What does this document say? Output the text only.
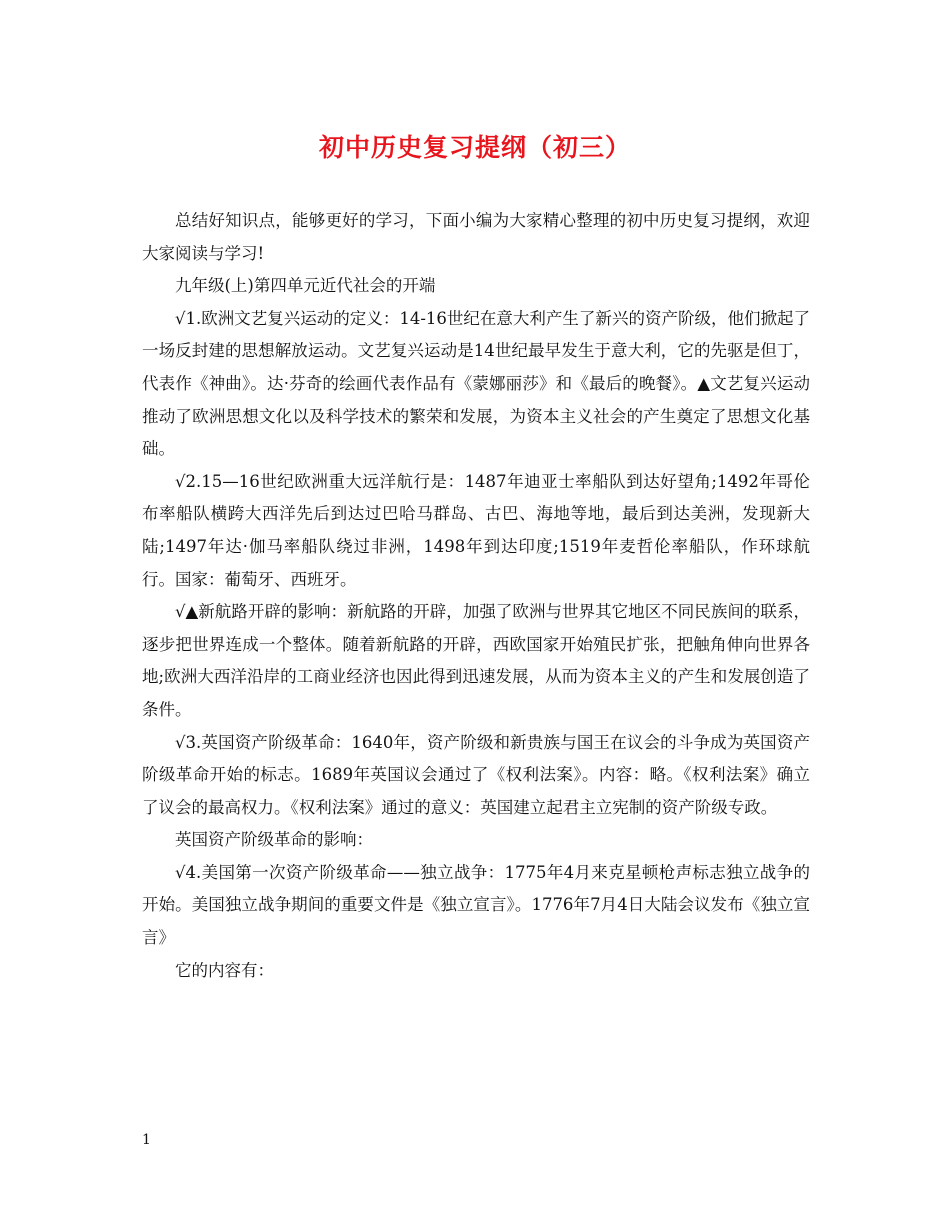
初中历史复习提纲（初三）

总结好知识点，能够更好的学习，下面小编为大家精心整理的初中历史复习提纲，欢迎大家阅读与学习!

九年级(上)第四单元近代社会的开端

√1.欧洲文艺复兴运动的定义：14-16世纪在意大利产生了新兴的资产阶级，他们掀起了一场反封建的思想解放运动。文艺复兴运动是14世纪最早发生于意大利，它的先驱是但丁，代表作《神曲》。达·芬奇的绘画代表作品有《蒙娜丽莎》和《最后的晚餐》。▲文艺复兴运动推动了欧洲思想文化以及科学技术的繁荣和发展，为资本主义社会的产生奠定了思想文化基础。

√2.15—16世纪欧洲重大远洋航行是：1487年迪亚士率船队到达好望角;1492年哥伦布率船队横跨大西洋先后到达过巴哈马群岛、古巴、海地等地，最后到达美洲，发现新大陆;1497年达·伽马率船队绕过非洲，1498年到达印度;1519年麦哲伦率船队，作环球航行。国家：葡萄牙、西班牙。

√▲新航路开辟的影响：新航路的开辟，加强了欧洲与世界其它地区不同民族间的联系，逐步把世界连成一个整体。随着新航路的开辟，西欧国家开始殖民扩张，把触角伸向世界各地;欧洲大西洋沿岸的工商业经济也因此得到迅速发展，从而为资本主义的产生和发展创造了条件。

√3.英国资产阶级革命：1640年，资产阶级和新贵族与国王在议会的斗争成为英国资产阶级革命开始的标志。1689年英国议会通过了《权利法案》。内容：略。《权利法案》确立了议会的最高权力。《权利法案》通过的意义：英国建立起君主立宪制的资产阶级专政。

英国资产阶级革命的影响：

√4.美国第一次资产阶级革命——独立战争：1775年4月来克星顿枪声标志独立战争的开始。美国独立战争期间的重要文件是《独立宣言》。1776年7月4日大陆会议发布《独立宣言》

它的内容有：

1
